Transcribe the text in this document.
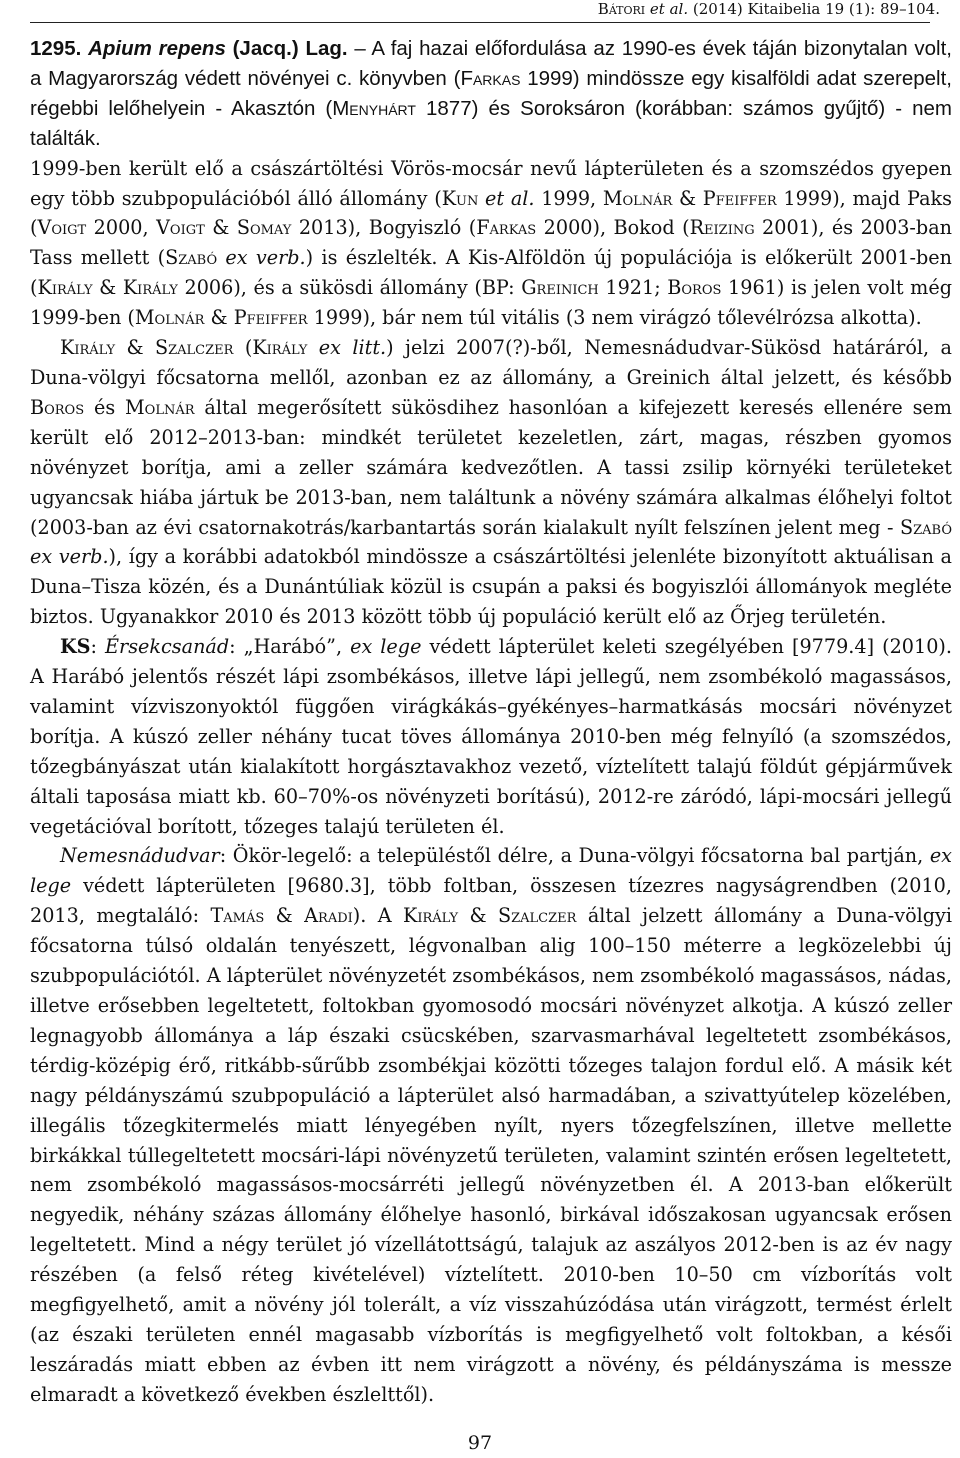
Bátori et al. (2014) Kitaibelia 19 (1): 89–104.

1295. Apium repens (Jacq.) Lag. – A faj hazai előfordulása az 1990-es évek táján bizonytalan volt, a Magyarország védett növényei c. könyvben (Farkas 1999) mindössze egy kisalföldi adat szerepelt, régebbi lelőhelyein - Akasztón (Menyhárt 1877) és Soroksáron (korábban: számos gyűjtő) - nem találták.

1999-ben került elő a császártöltési Vörös-mocsár nevű lápterületen és a szomszédos gyepen egy több szubpopulációból álló állomány (Kun et al. 1999, Molnár & Pfeiffer 1999), majd Paks (Voigt 2000, Voigt & Somay 2013), Bogyiszló (Farkas 2000), Bokod (Reizing 2001), és 2003-ban Tass mellett (Szabó ex verb.) is észlelték. A Kis-Alföldön új populációja is előkerült 2001-ben (Király & Király 2006), és a sükösdi állomány (BP: Greinich 1921; Boros 1961) is jelen volt még 1999-ben (Molnár & Pfeiffer 1999), bár nem túl vitális (3 nem virágzó tőlevélrózsa alkotta).

Király & Szalczer (Király ex litt.) jelzi 2007(?)-ből, Nemesnádudvar-Sükösd határáról, a Duna-völgyi főcsatorna mellől, azonban ez az állomány, a Greinich által jelzett, és később Boros és Molnár által megerősített sükösdihez hasonlóan a kifejezett keresés ellenére sem került elő 2012–2013-ban: mindkét területet kezeletlen, zárt, magas, részben gyomos növényzet borítja, ami a zeller számára kedvezőtlen. A tassi zsilip környéki területeket ugyancsak hiába jártuk be 2013-ban, nem találtunk a növény számára alkalmas élőhelyi foltot (2003-ban az évi csatornakotrás/karbantartás során kialakult nyílt felszínen jelent meg - Szabó ex verb.), így a korábbi adatokból mindössze a császártöltési jelenléte bizonyított aktuálisan a Duna–Tisza közén, és a Dunántúliak közül is csupán a paksi és bogyiszlói állományok megléte biztos. Ugyanakkor 2010 és 2013 között több új populáció került elő az Őrjeg területén.

KS: Érsekcsanád: „Harábó”, ex lege védett lápterület keleti szegélyében [9779.4] (2010). A Harábó jelentős részét lápi zsombékásos, illetve lápi jellegű, nem zsombékoló magassásos, valamint vízviszonyoktól függően virágkákás–gyékényes–harmatkásás mocsári növényzet borítja. A kúszó zeller néhány tucat töves állománya 2010-ben még felnyíló (a szomszédos, tőzegbányászat után kialakított horgásztavakhoz vezető, víztelített talajú földút gépjárművek általi taposása miatt kb. 60–70%-os növényzeti borítású), 2012-re záródó, lápi-mocsári jellegű vegetációval borított, tőzeges talajú területen él.

Nemesnádudvar: Ökör-legelő: a településtől délre, a Duna-völgyi főcsatorna bal partján, ex lege védett lápterületen [9680.3], több foltban, összesen tízezres nagyságrendben (2010, 2013, megtaláló: Tamás & Aradi). A Király & Szalczer által jelzett állomány a Duna-völgyi főcsatorna túlsó oldalán tenyészett, légvonalban alig 100–150 méterre a legközelebbi új szubpopulációtól. A lápterület növényzetét zsombékásos, nem zsombékoló magassásos, nádas, illetve erősebben legeltetett, foltokban gyomosodó mocsári növényzet alkotja. A kúszó zeller legnagyobb állománya a láp északi csücskében, szarvasmarhával legeltetett zsombékásos, térdig-középig érő, ritkább-sűrűbb zsombékjai közötti tőzeges talajon fordul elő. A másik két nagy példányszámú szubpopuláció a lápterület alsó harmadában, a szivattyútelep közelében, illegális tőzegkitermelés miatt lényegében nyílt, nyers tőzegfelszínen, illetve mellette birkákkal túllegeltetett mocsári-lápi növényzetű területen, valamint szintén erősen legeltetett, nem zsombékoló magassásos-mocsárréti jellegű növényzetben él. A 2013-ban előkerült negyedik, néhány százas állomány élőhelye hasonló, birkával időszakosan ugyancsak erősen legeltetett. Mind a négy terület jó vízellátottságú, talajuk az aszályos 2012-ben is az év nagy részében (a felső réteg kivételével) víztelített. 2010-ben 10–50 cm vízborítás volt megfigyelhető, amit a növény jól tolerált, a víz visszahúzódása után virágzott, termést érlelt (az északi területen ennél magasabb vízborítás is megfigyelhető volt foltokban, a késői leszáradás miatt ebben az évben itt nem virágzott a növény, és példányszáma is messze elmaradt a következő években észlelttől).

97
